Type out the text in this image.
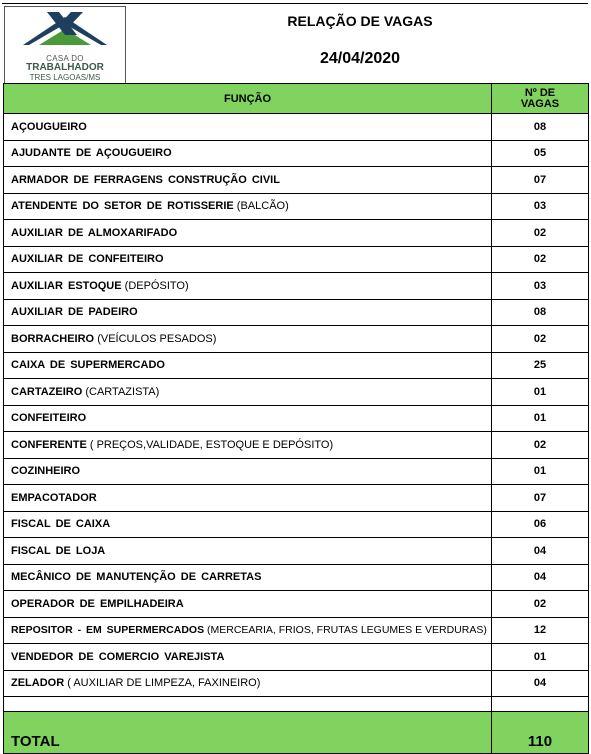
CASA DO
TRABALHADOR
TRES LAGOAS/MS
RELAÇÃO DE VAGAS
24/04/2020
FUNÇÃO	Nº DE
VAGAS
AÇOUGUEIRO	08
AJUDANTE DE AÇOUGUEIRO	05
ARMADOR DE FERRAGENS CONSTRUÇÃO CIVIL	07
ATENDENTE DO SETOR DE ROTISSERIE (BALCÃO)	03
AUXILIAR DE ALMOXARIFADO	02
AUXILIAR DE CONFEITEIRO	02
AUXILIAR ESTOQUE (DEPÓSITO)	03
AUXILIAR DE PADEIRO	08
BORRACHEIRO (VEÍCULOS PESADOS)	02
CAIXA DE SUPERMERCADO	25
CARTAZEIRO (CARTAZISTA)	01
CONFEITEIRO	01
CONFERENTE ( PREÇOS,VALIDADE, ESTOQUE E DEPÓSITO)	02
COZINHEIRO	01
EMPACOTADOR	07
FISCAL DE CAIXA	06
FISCAL DE LOJA	04
MECÂNICO DE MANUTENÇÃO DE CARRETAS	04
OPERADOR DE EMPILHADEIRA	02
REPOSITOR - EM SUPERMERCADOS (MERCEARIA, FRIOS, FRUTAS LEGUMES E VERDURAS)	12
VENDEDOR DE COMERCIO VAREJISTA	01
ZELADOR ( AUXILIAR DE LIMPEZA, FAXINEIRO)	04

TOTAL	110
